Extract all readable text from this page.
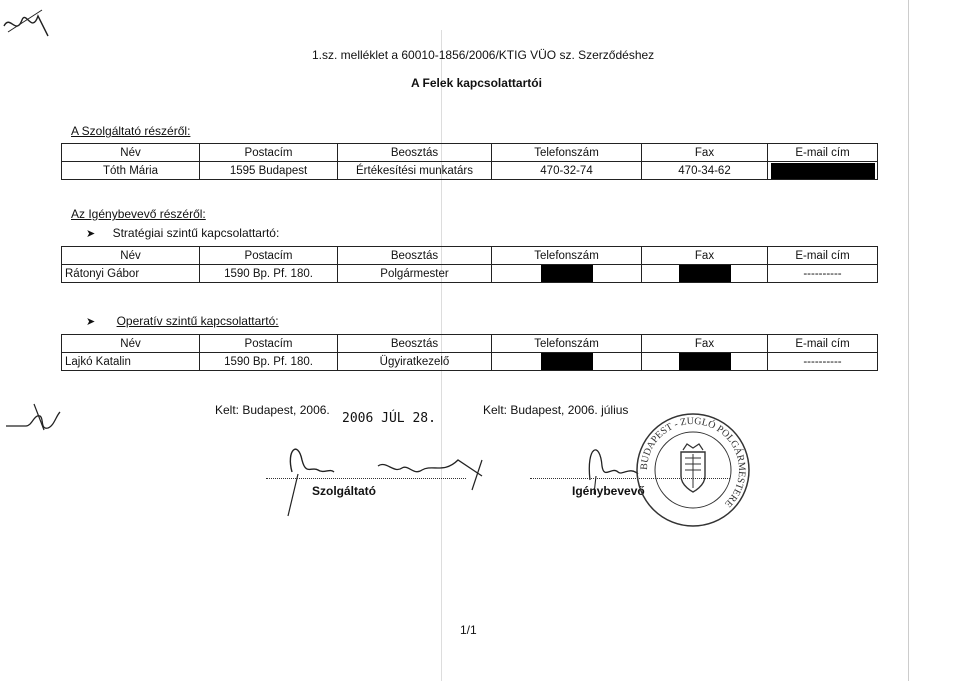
1.sz. melléklet a 60010-1856/2006/KTIG VÜO sz. Szerződéshez
A Felek kapcsolattartói
A Szolgáltató részéről:
Név	Postacím	Beosztás	Telefonszám	Fax	E-mail cím
Tóth Mária	1595 Budapest	Értékesítési munkatárs	470-32-74	470-34-62	
Az Igénybevevő részéről:
➤ Stratégiai szintű kapcsolattartó:
Név	Postacím	Beosztás	Telefonszám	Fax	E-mail cím
Rátonyi Gábor	1590 Bp. Pf. 180.	Polgármester			----------
➤ Operatív szintű kapcsolattartó:
Név	Postacím	Beosztás	Telefonszám	Fax	E-mail cím
Lajkó Katalin	1590 Bp. Pf. 180.	Ügyiratkezelő			----------
Kelt: Budapest, 2006.
2006 JÚL 28.
Szolgáltató
Kelt: Budapest, 2006. július
Igénybevevő
BUDAPEST - ZUGLÓ POLGÁRMESTERE
1/1
